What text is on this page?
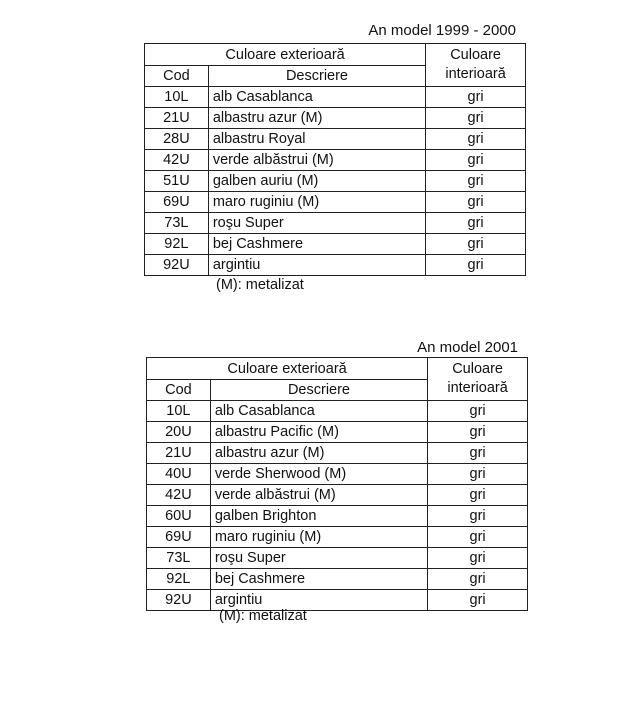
An model 1999 - 2000
Culoare exterioară		Culoare
interioară
Cod	Descriere	
10L	alb Casablanca	gri
21U	albastru azur (M)	gri
28U	albastru Royal	gri
42U	verde albăstrui (M)	gri
51U	galben auriu (M)	gri
69U	maro ruginiu (M)	gri
73L	roşu Super	gri
92L	bej Cashmere	gri
92U	argintiu	gri
(M): metalizat
An model 2001
Culoare exterioară		Culoare
interioară
Cod	Descriere	
10L	alb Casablanca	gri
20U	albastru Pacific (M)	gri
21U	albastru azur (M)	gri
40U	verde Sherwood (M)	gri
42U	verde albăstrui (M)	gri
60U	galben Brighton	gri
69U	maro ruginiu (M)	gri
73L	roşu Super	gri
92L	bej Cashmere	gri
92U	argintiu	gri
(M): metalizat
